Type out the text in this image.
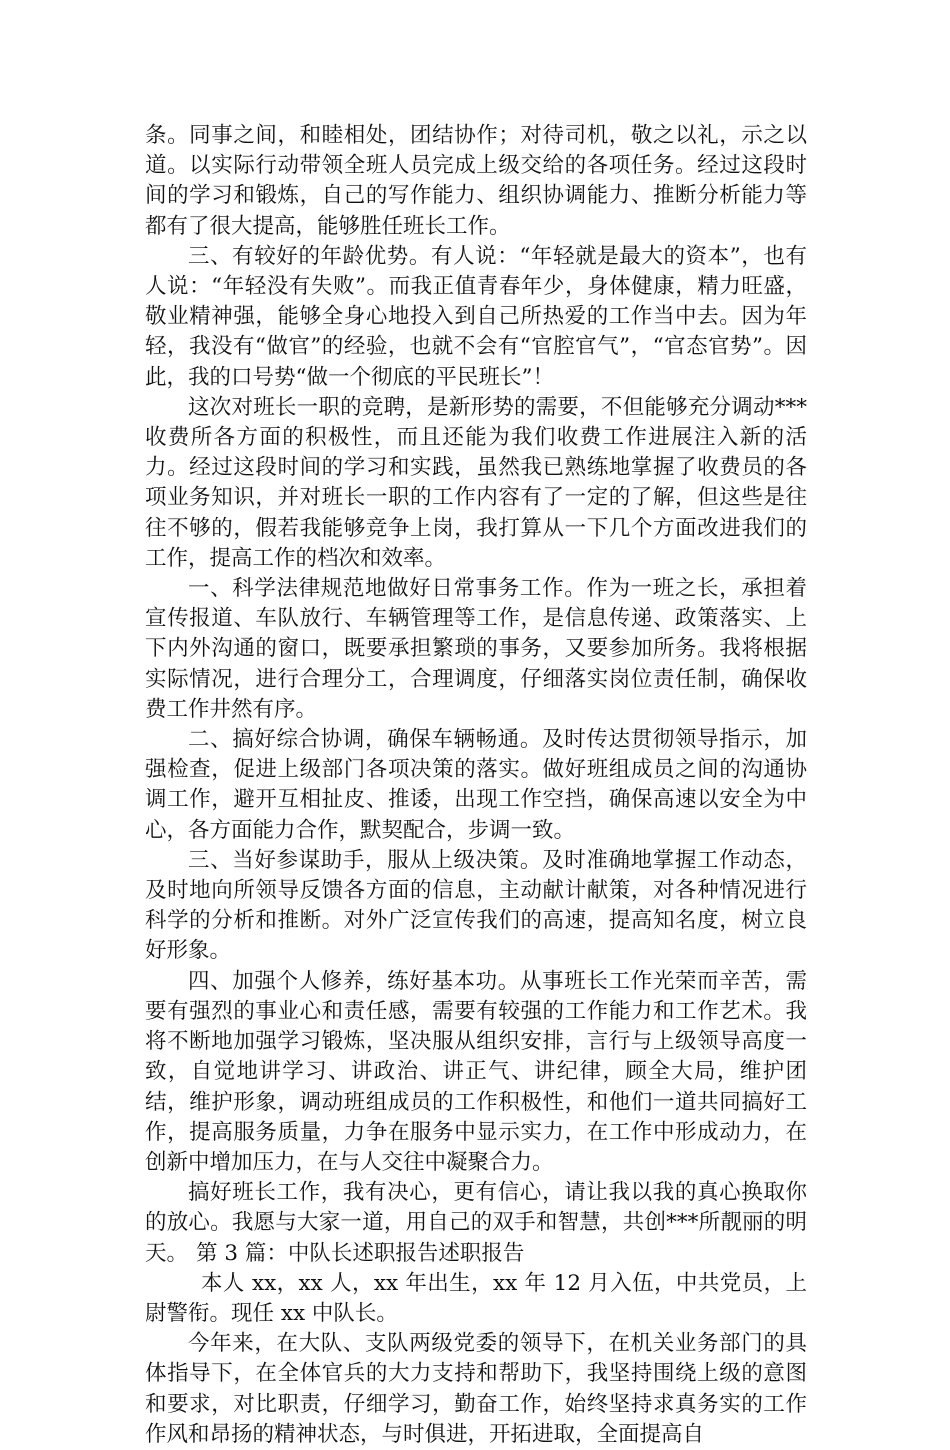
条。同事之间，和睦相处，团结协作；对待司机，敬之以礼，示之以道。以实际行动带领全班人员完成上级交给的各项任务。经过这段时间的学习和锻炼，自己的写作能力、组织协调能力、推断分析能力等都有了很大提高，能够胜任班长工作。

三、有较好的年龄优势。有人说：“年轻就是最大的资本”，也有人说：“年轻没有失败”。而我正值青春年少，身体健康，精力旺盛，敬业精神强，能够全身心地投入到自己所热爱的工作当中去。因为年轻，我没有“做官”的经验，也就不会有“官腔官气”，“官态官势”。因此，我的口号势“做一个彻底的平民班长”！

这次对班长一职的竞聘，是新形势的需要，不但能够充分调动***收费所各方面的积极性，而且还能为我们收费工作进展注入新的活力。经过这段时间的学习和实践，虽然我已熟练地掌握了收费员的各项业务知识，并对班长一职的工作内容有了一定的了解，但这些是往往不够的，假若我能够竞争上岗，我打算从一下几个方面改进我们的工作，提高工作的档次和效率。

一、科学法律规范地做好日常事务工作。作为一班之长，承担着宣传报道、车队放行、车辆管理等工作，是信息传递、政策落实、上下内外沟通的窗口，既要承担繁琐的事务，又要参加所务。我将根据实际情况，进行合理分工，合理调度，仔细落实岗位责任制，确保收费工作井然有序。

二、搞好综合协调，确保车辆畅通。及时传达贯彻领导指示，加强检查，促进上级部门各项决策的落实。做好班组成员之间的沟通协调工作，避开互相扯皮、推诿，出现工作空挡，确保高速以安全为中心，各方面能力合作，默契配合，步调一致。

三、当好参谋助手，服从上级决策。及时准确地掌握工作动态，及时地向所领导反馈各方面的信息，主动献计献策，对各种情况进行科学的分析和推断。对外广泛宣传我们的高速，提高知名度，树立良好形象。

四、加强个人修养，练好基本功。从事班长工作光荣而辛苦，需要有强烈的事业心和责任感，需要有较强的工作能力和工作艺术。我将不断地加强学习锻炼，坚决服从组织安排，言行与上级领导高度一致，自觉地讲学习、讲政治、讲正气、讲纪律，顾全大局，维护团结，维护形象，调动班组成员的工作积极性，和他们一道共同搞好工作，提高服务质量，力争在服务中显示实力，在工作中形成动力，在创新中增加压力，在与人交往中凝聚合力。

搞好班长工作，我有决心，更有信心，请让我以我的真心换取你的放心。我愿与大家一道，用自己的双手和智慧，共创***所靓丽的明天。 第 3 篇：中队长述职报告述职报告

本人 xx，xx 人，xx 年出生，xx 年 12 月入伍，中共党员，上尉警衔。现任 xx 中队长。

今年来，在大队、支队两级党委的领导下，在机关业务部门的具体指导下，在全体官兵的大力支持和帮助下，我坚持围绕上级的意图和要求，对比职责，仔细学习，勤奋工作，始终坚持求真务实的工作作风和昂扬的精神状态，与时俱进，开拓进取，全面提高自
